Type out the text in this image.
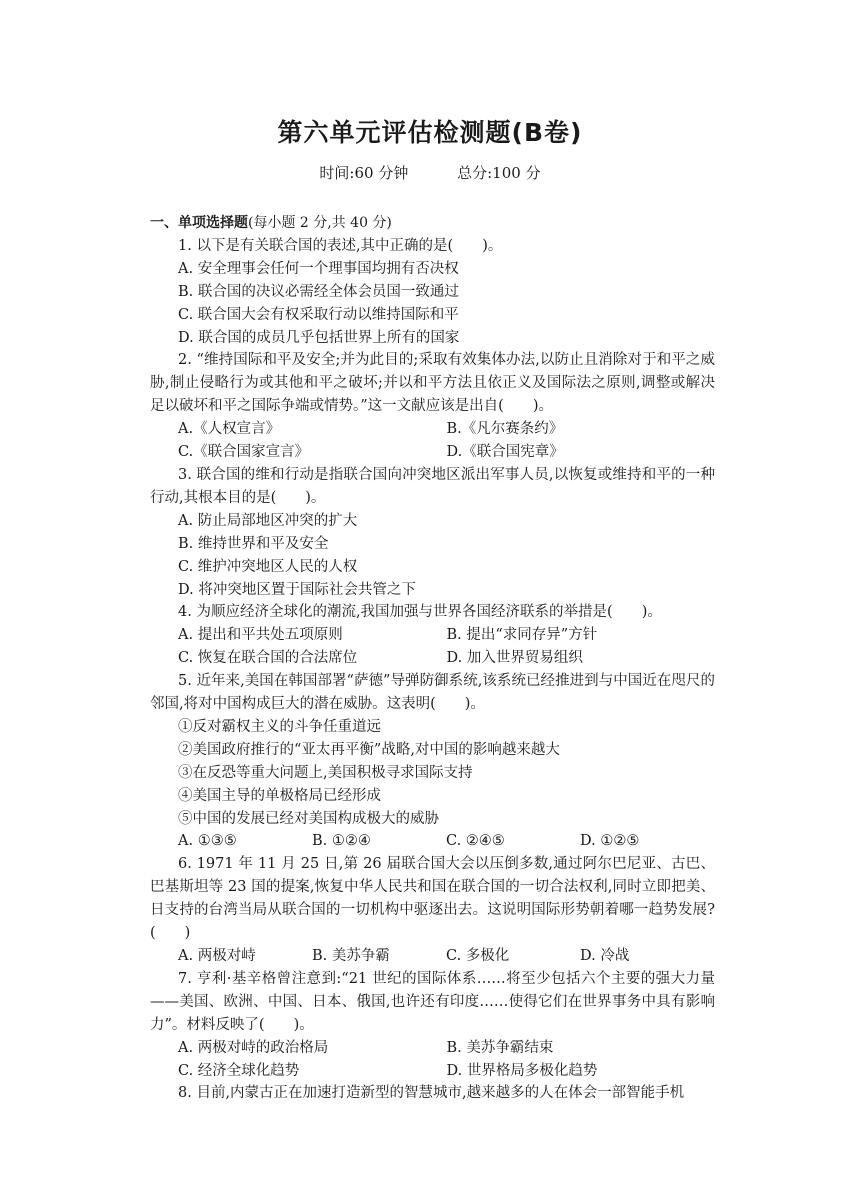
第六单元评估检测题(B卷)
时间:60 分钟	总分:100 分
一、单项选择题(每小题 2 分,共 40 分)

1. 以下是有关联合国的表述,其中正确的是(　　)。

A. 安全理事会任何一个理事国均拥有否决权

B. 联合国的决议必需经全体会员国一致通过

C. 联合国大会有权采取行动以维持国际和平

D. 联合国的成员几乎包括世界上所有的国家

2. “维持国际和平及安全;并为此目的;采取有效集体办法,以防止且消除对于和平之威胁,制止侵略行为或其他和平之破坏;并以和平方法且依正义及国际法之原则,调整或解决足以破坏和平之国际争端或情势。”这一文献应该是出自(　　)。

A.《人权宣言》	B.《凡尔赛条约》
C.《联合国家宣言》	D.《联合国宪章》

3. 联合国的维和行动是指联合国向冲突地区派出军事人员,以恢复或维持和平的一种行动,其根本目的是(　　)。

A. 防止局部地区冲突的扩大

B. 维持世界和平及安全

C. 维护冲突地区人民的人权

D. 将冲突地区置于国际社会共管之下

4. 为顺应经济全球化的潮流,我国加强与世界各国经济联系的举措是(　　)。

A. 提出和平共处五项原则	B. 提出“求同存异”方针
C. 恢复在联合国的合法席位	D. 加入世界贸易组织

5. 近年来,美国在韩国部署“萨德”导弹防御系统,该系统已经推进到与中国近在咫尺的邻国,将对中国构成巨大的潜在威胁。这表明(　　)。

①反对霸权主义的斗争任重道远

②美国政府推行的“亚太再平衡”战略,对中国的影响越来越大

③在反恐等重大问题上,美国积极寻求国际支持

④美国主导的单极格局已经形成

⑤中国的发展已经对美国构成极大的威胁

A. ①③⑤	B. ①②④	C. ②④⑤	D. ①②⑤

6. 1971 年 11 月 25 日,第 26 届联合国大会以压倒多数,通过阿尔巴尼亚、古巴、巴基斯坦等 23 国的提案,恢复中华人民共和国在联合国的一切合法权利,同时立即把美、日支持的台湾当局从联合国的一切机构中驱逐出去。这说明国际形势朝着哪一趋势发展?(　　)

A. 两极对峙	B. 美苏争霸	C. 多极化	D. 冷战

7. 亨利·基辛格曾注意到:“21 世纪的国际体系……将至少包括六个主要的强大力量——美国、欧洲、中国、日本、俄国,也许还有印度……使得它们在世界事务中具有影响力”。材料反映了(　　)。

A. 两极对峙的政治格局	B. 美苏争霸结束
C. 经济全球化趋势	D. 世界格局多极化趋势

8. 目前,内蒙古正在加速打造新型的智慧城市,越来越多的人在体会一部智能手机
